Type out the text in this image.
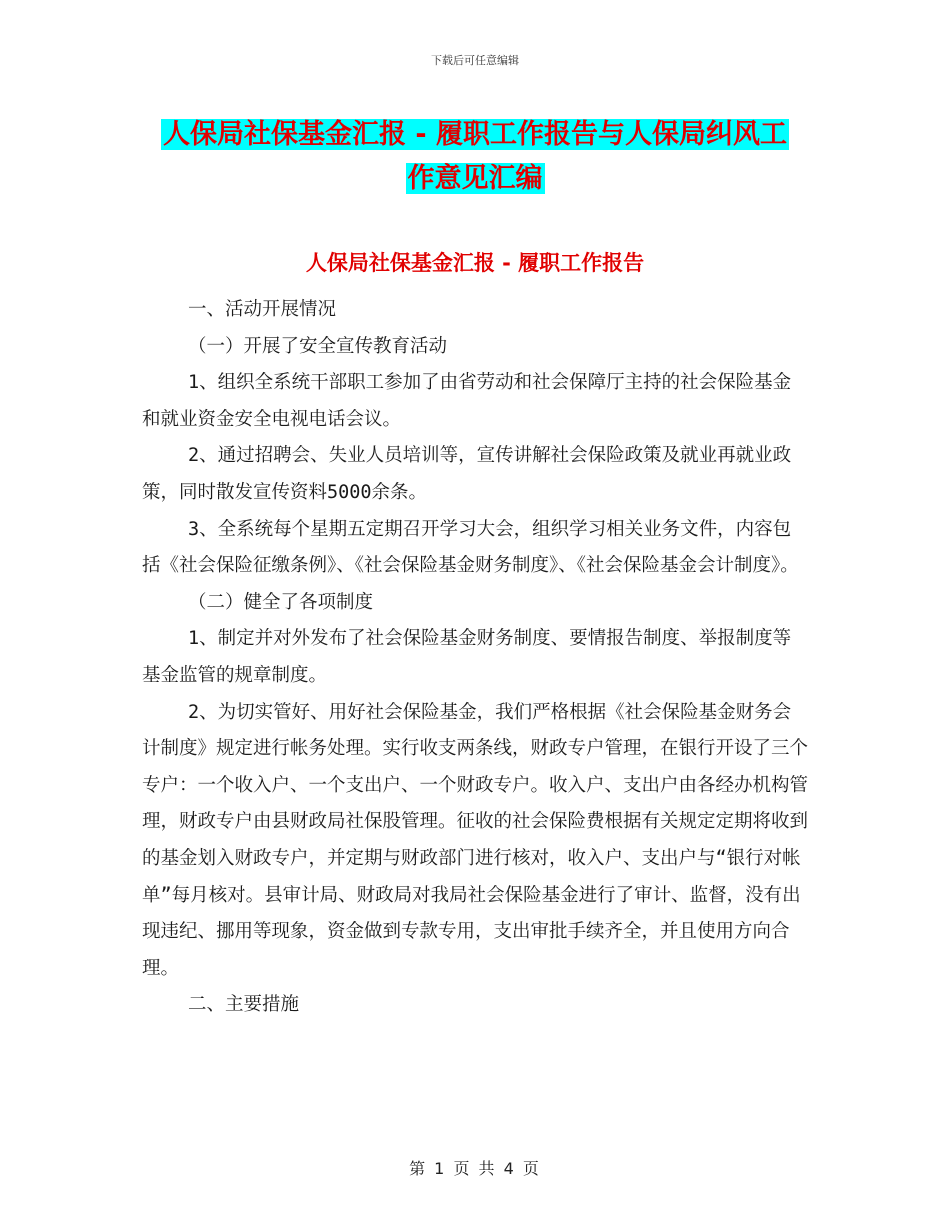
下载后可任意编辑
人保局社保基金汇报 - 履职工作报告与人保局纠风工
作意见汇编
人保局社保基金汇报 - 履职工作报告

一、活动开展情况

（一）开展了安全宣传教育活动

1、组织全系统干部职工参加了由省劳动和社会保障厅主持的社会保险基金和就业资金安全电视电话会议。

2、通过招聘会、失业人员培训等，宣传讲解社会保险政策及就业再就业政策，同时散发宣传资料5000余条。

3、全系统每个星期五定期召开学习大会，组织学习相关业务文件，内容包括《社会保险征缴条例》、《社会保险基金财务制度》、《社会保险基金会计制度》。

（二）健全了各项制度

1、制定并对外发布了社会保险基金财务制度、要情报告制度、举报制度等基金监管的规章制度。

2、为切实管好、用好社会保险基金，我们严格根据《社会保险基金财务会计制度》规定进行帐务处理。实行收支两条线，财政专户管理，在银行开设了三个专户：一个收入户、一个支出户、一个财政专户。收入户、支出户由各经办机构管理，财政专户由县财政局社保股管理。征收的社会保险费根据有关规定定期将收到的基金划入财政专户，并定期与财政部门进行核对，收入户、支出户与“银行对帐单”每月核对。县审计局、财政局对我局社会保险基金进行了审计、监督，没有出现违纪、挪用等现象，资金做到专款专用，支出审批手续齐全，并且使用方向合理。

二、主要措施

第 1 页 共 4 页
